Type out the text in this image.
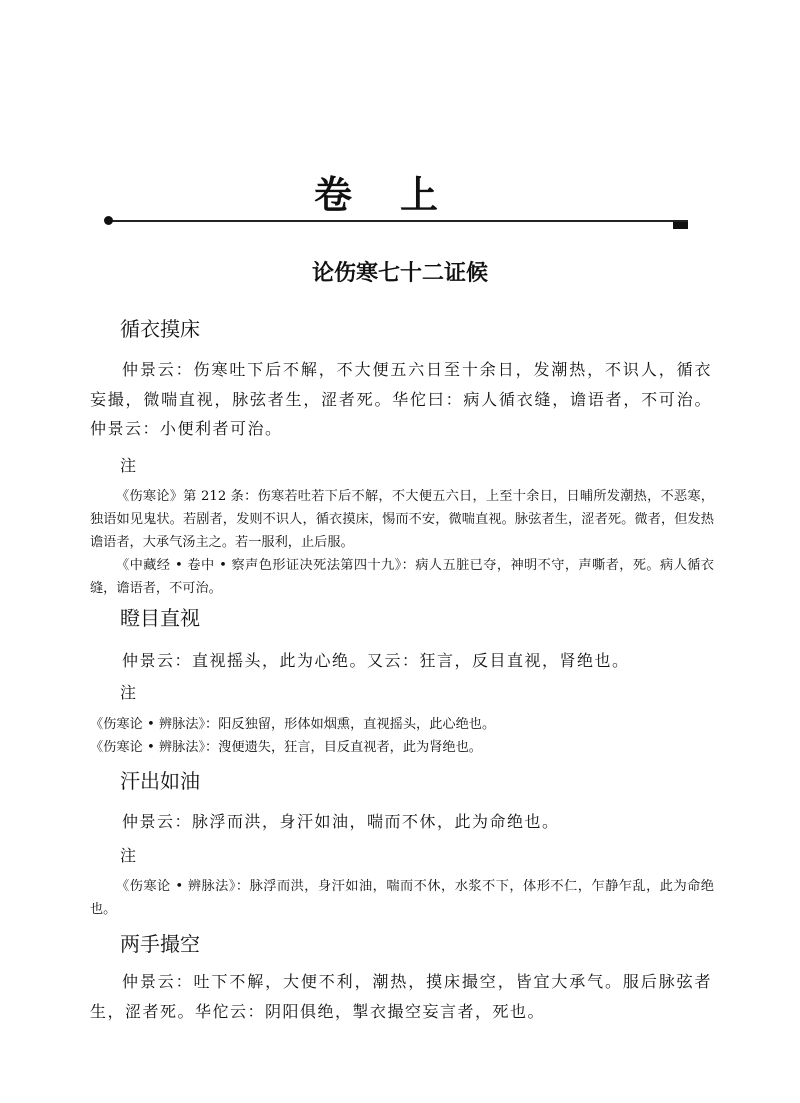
卷上
论伤寒七十二证候
循衣摸床

仲景云：伤寒吐下后不解，不大便五六日至十余日，发潮热，不识人，循衣妄撮，微喘直视，脉弦者生，涩者死。华佗曰：病人循衣缝，谵语者，不可治。仲景云：小便利者可治。

注

《伤寒论》第 212 条：伤寒若吐若下后不解，不大便五六日，上至十余日，日晡所发潮热，不恶寒，独语如见鬼状。若剧者，发则不识人，循衣摸床，惕而不安，微喘直视。脉弦者生，涩者死。微者，但发热谵语者，大承气汤主之。若一服利，止后服。

《中藏经 • 卷中 • 察声色形证决死法第四十九》：病人五脏已夺，神明不守，声嘶者，死。病人循衣缝，谵语者，不可治。

瞪目直视

仲景云：直视摇头，此为心绝。又云：狂言，反目直视，肾绝也。

注

《伤寒论 • 辨脉法》：阳反独留，形体如烟熏，直视摇头，此心绝也。

《伤寒论 • 辨脉法》：溲便遗失，狂言，目反直视者，此为肾绝也。

汗出如油

仲景云：脉浮而洪，身汗如油，喘而不休，此为命绝也。

注

《伤寒论 • 辨脉法》：脉浮而洪，身汗如油，喘而不休，水浆不下，体形不仁，乍静乍乱，此为命绝也。

两手撮空

仲景云：吐下不解，大便不利，潮热，摸床撮空，皆宜大承气。服后脉弦者生，涩者死。华佗云：阴阳俱绝，掣衣撮空妄言者，死也。
